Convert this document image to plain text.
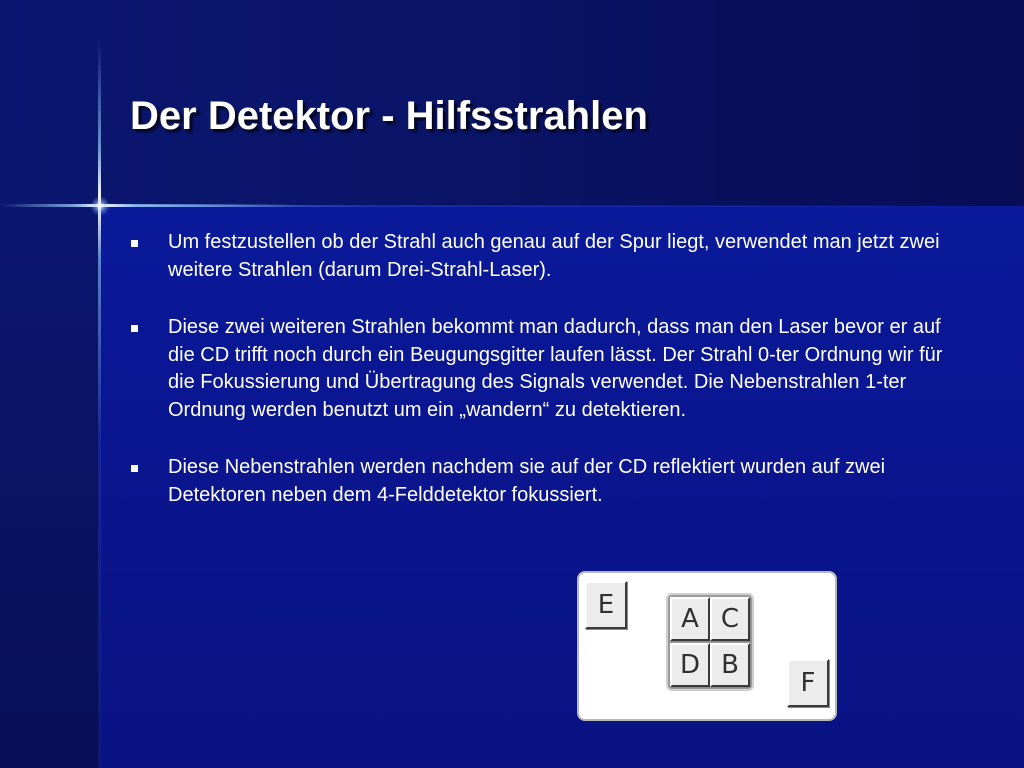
Der Detektor - Hilfsstrahlen
Um festzustellen ob der Strahl auch genau auf der Spur liegt, verwendet man jetzt zwei weitere Strahlen (darum Drei-Strahl-Laser).
Diese zwei weiteren Strahlen bekommt man dadurch, dass man den Laser bevor er auf die CD trifft noch durch ein Beugungsgitter laufen lässt. Der Strahl 0-ter Ordnung wir für die Fokussierung und Übertragung des Signals verwendet. Die Nebenstrahlen 1-ter Ordnung werden benutzt um ein „wandern“ zu detektieren.
Diese Nebenstrahlen werden nachdem sie auf der CD reflektiert wurden auf zwei Detektoren neben dem 4-Felddetektor fokussiert.
E	A C
D B
F
